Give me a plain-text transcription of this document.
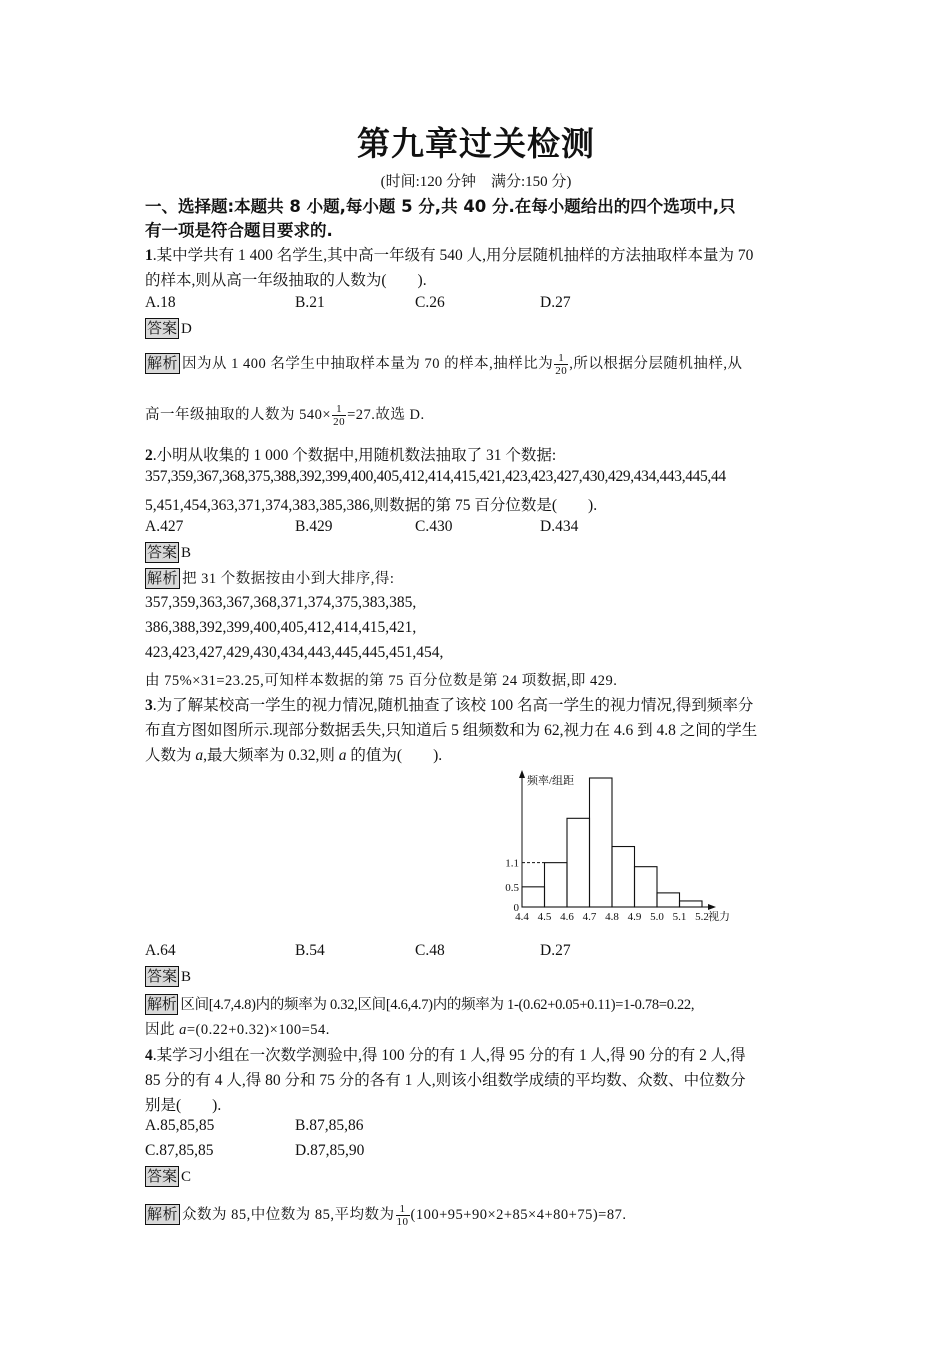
第九章过关检测
(时间:120 分钟　满分:150 分)
一、选择题:本题共 8 小题,每小题 5 分,共 40 分.在每小题给出的四个选项中,只
有一项是符合题目要求的.
1.某中学共有 1 400 名学生,其中高一年级有 540 人,用分层随机抽样的方法抽取样本量为 70
的样本,则从高一年级抽取的人数为(　　).
A.18	B.21	C.26	D.27
答案 D
解析 因为从 1 400 名学生中抽取样本量为 70 的样本,抽样比为 $\frac{1}{20}$ ,所以根据分层随机抽样,从
高一年级抽取的人数为 $540\times \frac{1}{20} =27$.故选 D.
2.小明从收集的 1 000 个数据中,用随机数法抽取了 31 个数据:
357,359,367,368,375,388,392,399,400,405,412,414,415,421,423,423,427,430,429,434,443,445,44
5,451,454,363,371,374,383,385,386,则数据的第 75 百分位数是(　　).
A.427	B.429	C.430	D.434
答案 B
解析 把 31 个数据按由小到大排序,得:
357,359,363,367,368,371,374,375,383,385,
386,388,392,399,400,405,412,414,415,421,
423,423,427,429,430,434,443,445,445,451,454,
由 75%×31=23.25,可知样本数据的第 75 百分位数是第 24 项数据,即 429.
3.为了解某校高一学生的视力情况,随机抽查了该校 100 名高一学生的视力情况,得到频率分
布直方图如图所示.现部分数据丢失,只知道后 5 组频数和为 62,视力在 4.6 到 4.8 之间的学生
人数为 a,最大频率为 0.32,则 a 的值为(　　).
0
0.5
1.1
4.4 4.5 4.6 4.7 4.8 4.9 5.0 5.1 5.2
频率/组距
视力
A.64	B.54	C.48	D.27
答案 B
解析 区间[4.7,4.8)内的频率为 0.32,区间[4.6,4.7)内的频率为 1-(0.62+0.05+0.11)=1-0.78=0.22,
因此 a=(0.22+0.32)×100=54.
4.某学习小组在一次数学测验中,得 100 分的有 1 人,得 95 分的有 1 人,得 90 分的有 2 人,得
85 分的有 4 人,得 80 分和 75 分的各有 1 人,则该小组数学成绩的平均数、众数、中位数分
别是(　　).
A.85,85,85	B.87,85,86
C.87,85,85	D.87,85,90
答案 C
解析 众数为 85,中位数为 85,平均数为 $\frac{1}{10} (100+95+90\times 2+85\times 4+80+75)=87$.
